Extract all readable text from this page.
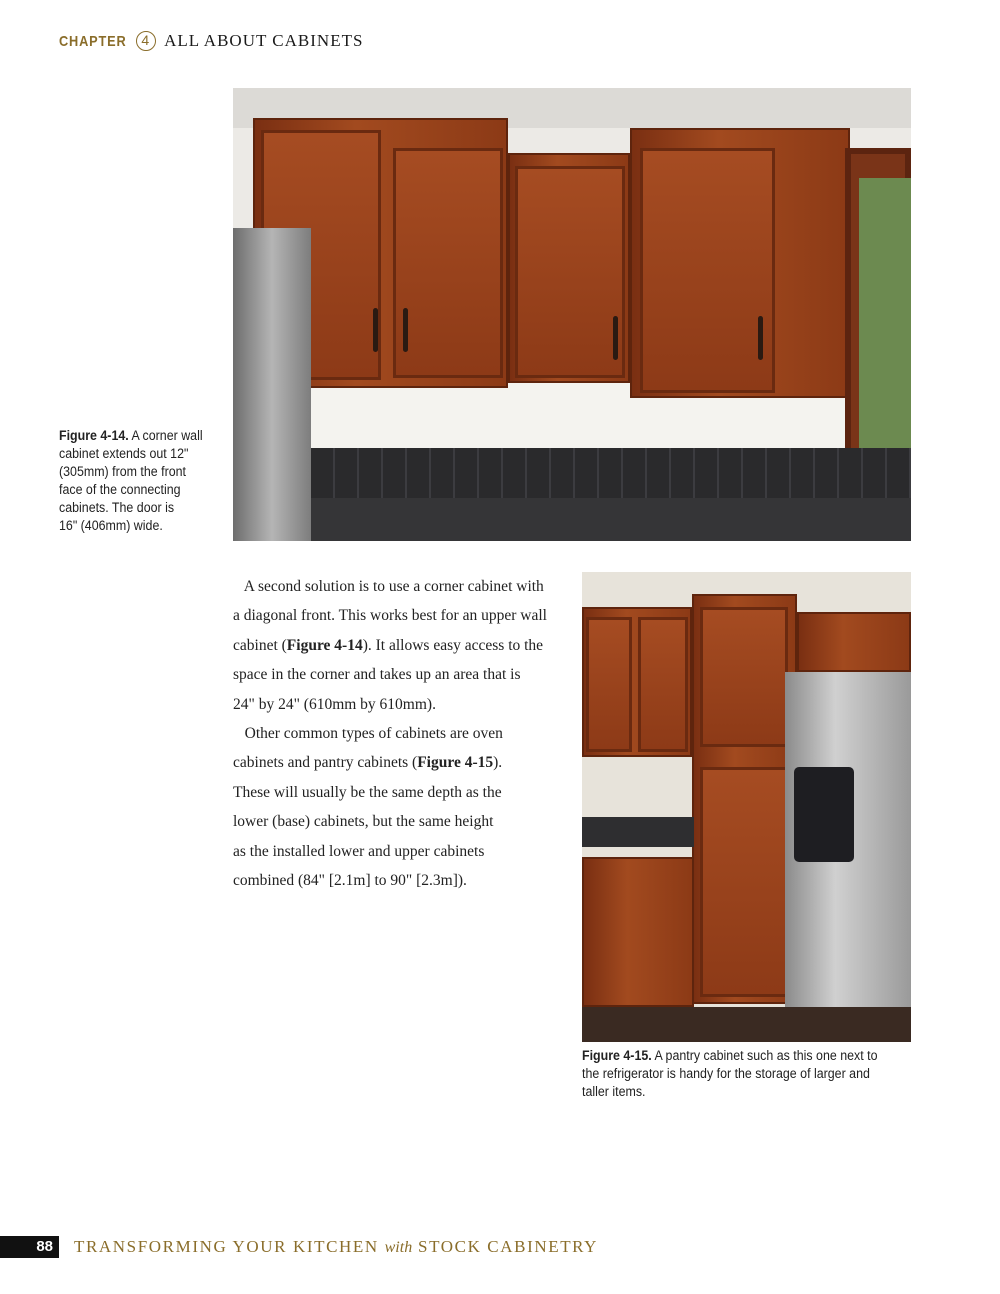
CHAPTER 4 ALL ABOUT CABINETS
Figure 4-14. A corner wall
cabinet extends out 12"
(305mm) from the front
face of the connecting
cabinets. The door is
16" (406mm) wide.
A second solution is to use a corner cabinet with
a diagonal front. This works best for an upper wall
cabinet (Figure 4-14). It allows easy access to the
space in the corner and takes up an area that is
24" by 24" (610mm by 610mm).
Other common types of cabinets are oven
cabinets and pantry cabinets (Figure 4-15).
These will usually be the same depth as the
lower (base) cabinets, but the same height
as the installed lower and upper cabinets
combined (84" [2.1m] to 90" [2.3m]).
Figure 4-15. A pantry cabinet such as this one next to
the refrigerator is handy for the storage of larger and
taller items.
88	TRANSFORMING YOUR KITCHEN with STOCK CABINETRY
